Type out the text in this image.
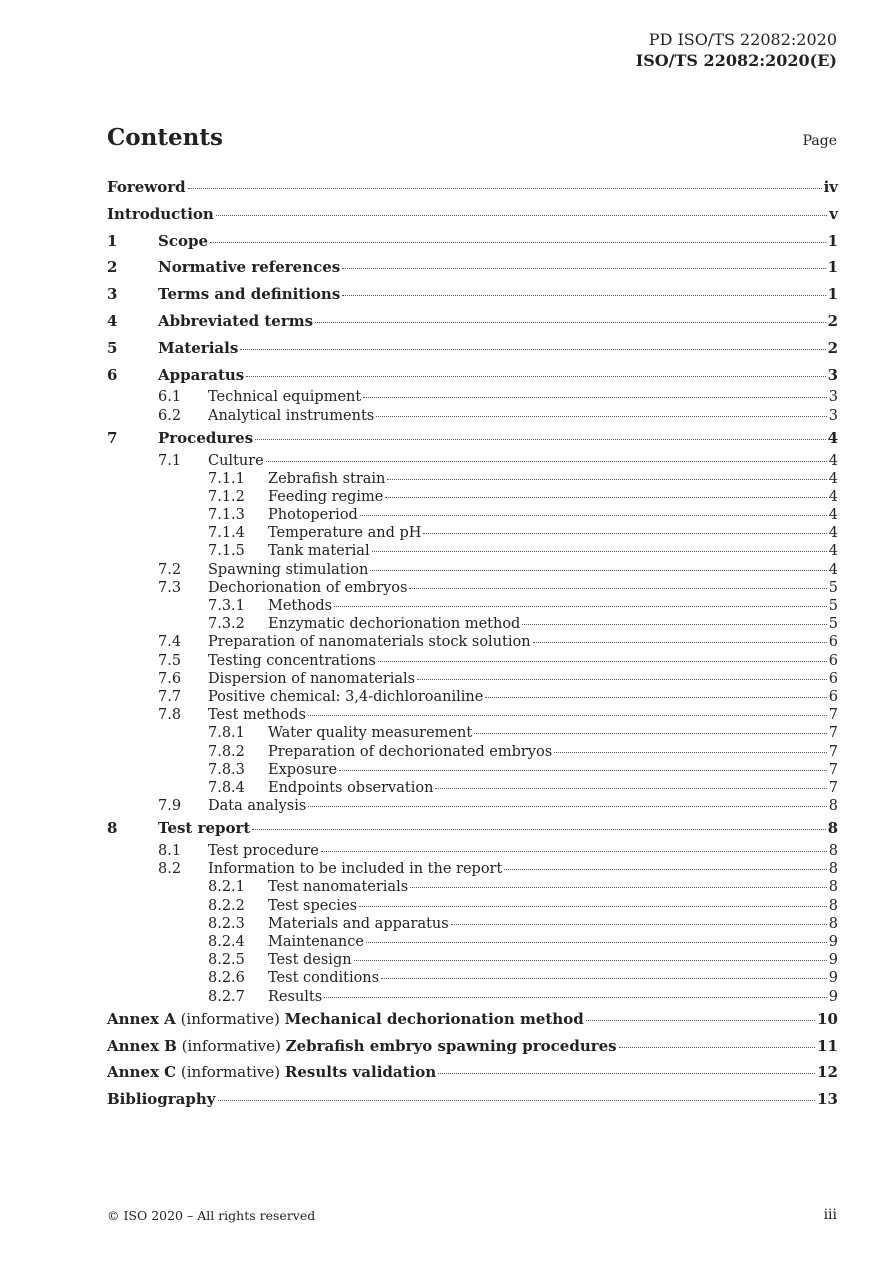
PD ISO/TS 22082:2020
ISO/TS 22082:2020(E)
Contents	Page
Foreword	iv
Introduction	v
1	Scope	1
2	Normative references	1
3	Terms and definitions	1
4	Abbreviated terms	2
5	Materials	2
6	Apparatus	3
6.1 Technical equipment	3
6.2 Analytical instruments	3
7	Procedures	4
7.1 Culture	4
7.1.1 Zebrafish strain	4
7.1.2 Feeding regime	4
7.1.3 Photoperiod	4
7.1.4 Temperature and pH	4
7.1.5 Tank material	4
7.2 Spawning stimulation	4
7.3 Dechorionation of embryos	5
7.3.1 Methods	5
7.3.2 Enzymatic dechorionation method	5
7.4 Preparation of nanomaterials stock solution	6
7.5 Testing concentrations	6
7.6 Dispersion of nanomaterials	6
7.7 Positive chemical: 3,4-dichloroaniline	6
7.8 Test methods	7
7.8.1 Water quality measurement	7
7.8.2 Preparation of dechorionated embryos	7
7.8.3 Exposure	7
7.8.4 Endpoints observation	7
7.9 Data analysis	8
8	Test report	8
8.1 Test procedure	8
8.2 Information to be included in the report	8
8.2.1 Test nanomaterials	8
8.2.2 Test species	8
8.2.3 Materials and apparatus	8
8.2.4 Maintenance	9
8.2.5 Test design	9
8.2.6 Test conditions	9
8.2.7 Results	9
Annex A (informative) Mechanical dechorionation method	10
Annex B (informative) Zebrafish embryo spawning procedures	11
Annex C (informative) Results validation	12
Bibliography	13
© ISO 2020 – All rights reserved	iii
